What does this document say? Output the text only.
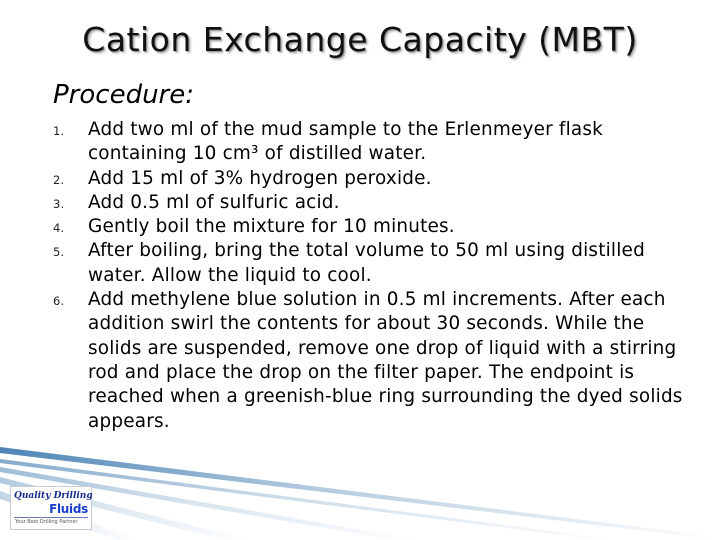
Cation Exchange Capacity (MBT)
Procedure:
1. Add two ml of the mud sample to the Erlenmeyer flask containing 10 cm³ of distilled water.
2. Add 15 ml of 3% hydrogen peroxide.
3. Add 0.5 ml of sulfuric acid.
4. Gently boil the mixture for 10 minutes.
5. After boiling, bring the total volume to 50 ml using distilled water. Allow the liquid to cool.
6. Add methylene blue solution in 0.5 ml increments. After each addition swirl the contents for about 30 seconds. While the solids are suspended, remove one drop of liquid with a stirring rod and place the drop on the filter paper. The endpoint is reached when a greenish-blue ring surrounding the dyed solids appears.
Quality Drilling
Fluids
Your Best Drilling Partner
